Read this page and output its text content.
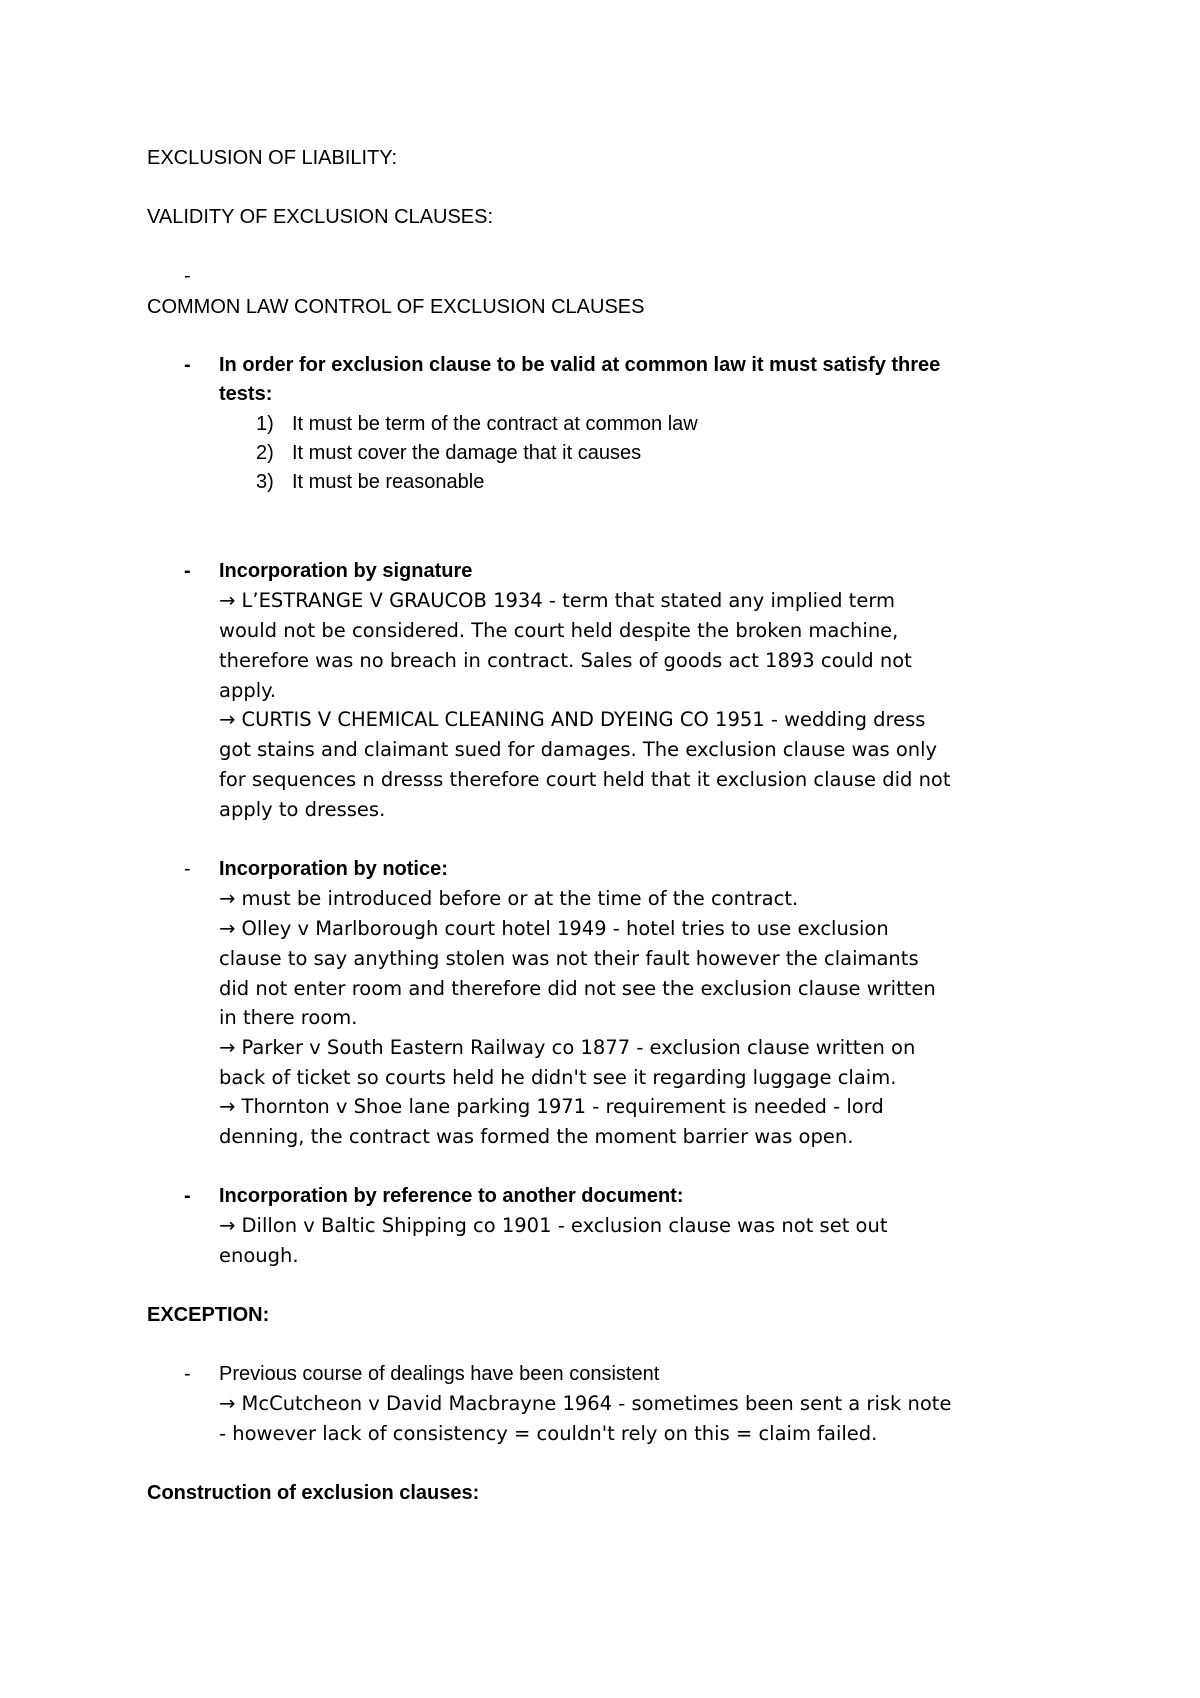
EXCLUSION OF LIABILITY:
VALIDITY OF EXCLUSION CLAUSES:
-
COMMON LAW CONTROL OF EXCLUSION CLAUSES
- In order for exclusion clause to be valid at common law it must satisfy three
tests:
1) It must be term of the contract at common law
2) It must cover the damage that it causes
3) It must be reasonable
- Incorporation by signature
→ L’ESTRANGE V GRAUCOB 1934 - term that stated any implied term
would not be considered. The court held despite the broken machine,
therefore was no breach in contract. Sales of goods act 1893 could not
apply.
→ CURTIS V CHEMICAL CLEANING AND DYEING CO 1951 - wedding dress
got stains and claimant sued for damages. The exclusion clause was only
for sequences n dresss therefore court held that it exclusion clause did not
apply to dresses.
- Incorporation by notice:
→ must be introduced before or at the time of the contract.
→ Olley v Marlborough court hotel 1949 - hotel tries to use exclusion
clause to say anything stolen was not their fault however the claimants
did not enter room and therefore did not see the exclusion clause written
in there room.
→ Parker v South Eastern Railway co 1877 - exclusion clause written on
back of ticket so courts held he didn't see it regarding luggage claim.
→ Thornton v Shoe lane parking 1971 - requirement is needed - lord
denning, the contract was formed the moment barrier was open.
- Incorporation by reference to another document:
→ Dillon v Baltic Shipping co 1901 - exclusion clause was not set out
enough.
EXCEPTION:
- Previous course of dealings have been consistent
→ McCutcheon v David Macbrayne 1964 - sometimes been sent a risk note
- however lack of consistency = couldn't rely on this = claim failed.
Construction of exclusion clauses:
